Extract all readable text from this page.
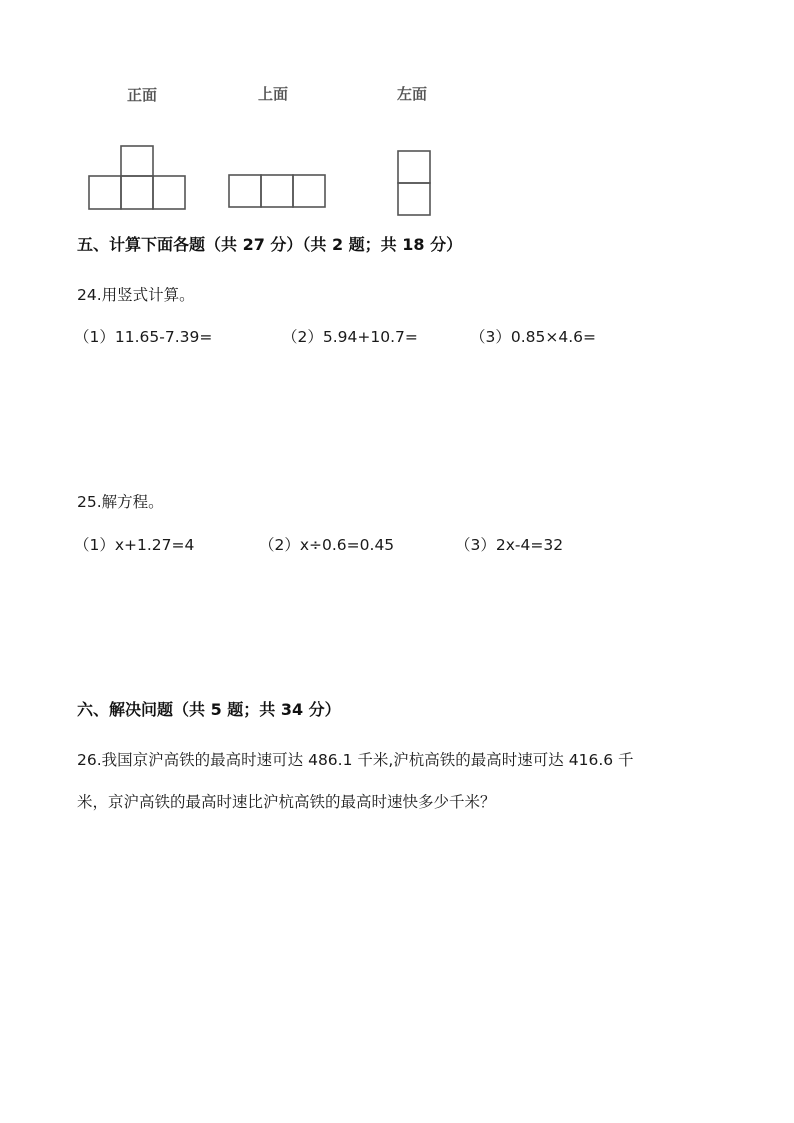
正面	上面	左面
五、计算下面各题（共 27 分）（共 2 题；共 18 分）
24.用竖式计算。
（1）11.65-7.39=	（2）5.94+10.7=	（3）0.85×4.6=
25.解方程。
（1）x+1.27=4	（2）x÷0.6=0.45	（3）2x-4=32
六、解决问题（共 5 题；共 34 分）
26.我国京沪高铁的最高时速可达 486.1 千米,沪杭高铁的最高时速可达 416.6 千
米，京沪高铁的最高时速比沪杭高铁的最高时速快多少千米？
